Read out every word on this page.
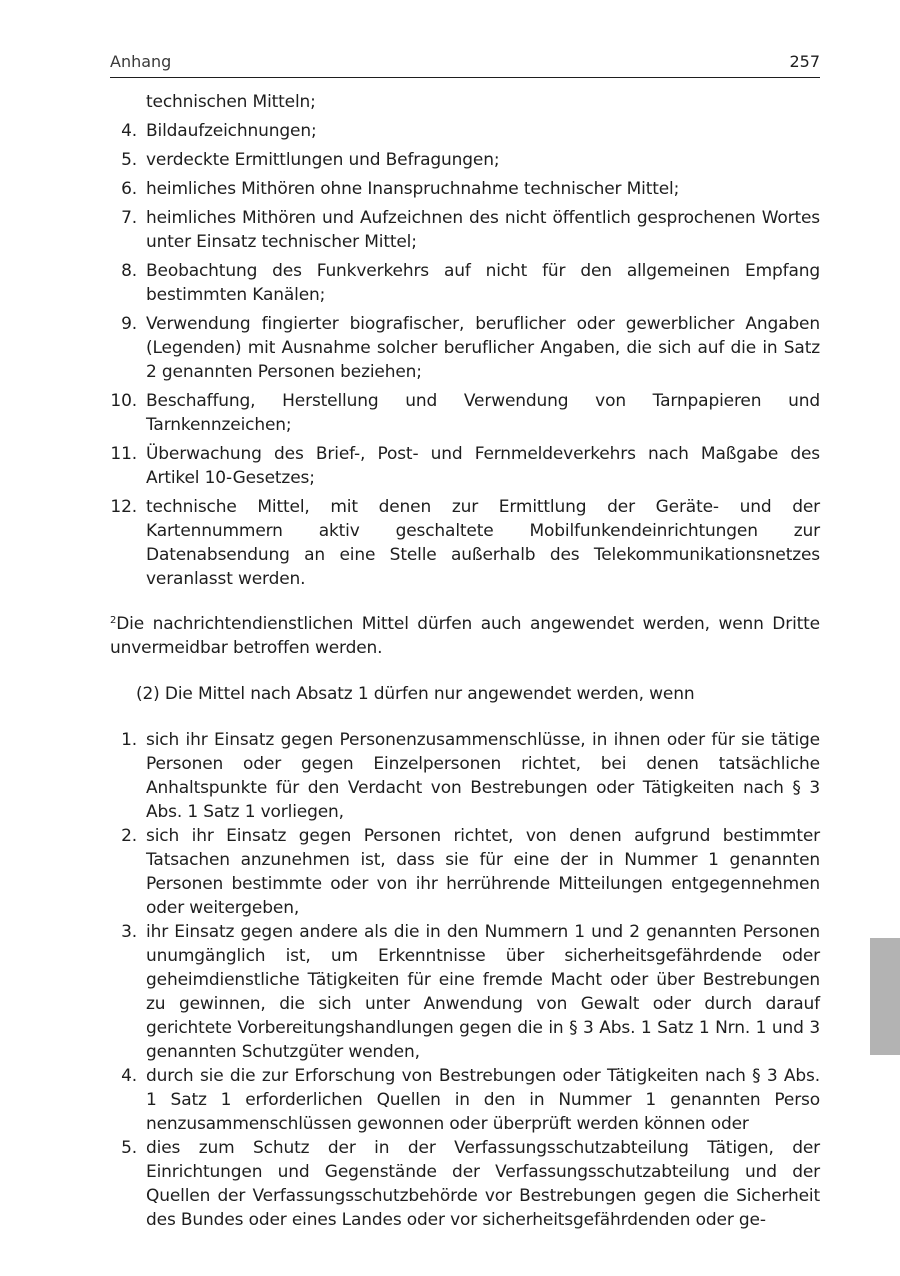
Anhang	257
technischen Mitteln;
4. Bildaufzeichnungen;
5. verdeckte Ermittlungen und Befragungen;
6. heimliches Mithören ohne Inanspruchnahme technischer Mittel;
7. heimliches Mithören und Aufzeichnen des nicht öffentlich gesprochenen Wortes unter Einsatz technischer Mittel;
8. Beobachtung des Funkverkehrs auf nicht für den allgemeinen Empfang bestimmten Kanälen;
9. Verwendung fingierter biografischer, beruflicher oder gewerblicher Angaben (Legenden) mit Ausnahme solcher beruflicher Angaben, die sich auf die in Satz 2 genannten Personen beziehen;
10. Beschaffung, Herstellung und Verwendung von Tarnpapieren und Tarnkennzeichen;
11. Überwachung des Brief-, Post- und Fernmeldeverkehrs nach Maßgabe des Artikel 10-Gesetzes;
12. technische Mittel, mit denen zur Ermittlung der Geräte- und der Kartennummern aktiv geschaltete Mobilfunkendeinrichtungen zur Datenabsendung an eine Stelle außerhalb des Telekommunikationsnetzes veranlasst werden.

$^2$Die nachrichtendienstlichen Mittel dürfen auch angewendet werden, wenn Dritte unvermeidbar betroffen werden.

(2) Die Mittel nach Absatz 1 dürfen nur angewendet werden, wenn

1. sich ihr Einsatz gegen Personenzusammenschlüsse, in ihnen oder für sie tätige Personen oder gegen Einzelpersonen richtet, bei denen tatsächliche Anhaltspunkte für den Verdacht von Bestrebungen oder Tätigkeiten nach § 3 Abs. 1 Satz 1 vorliegen,
2. sich ihr Einsatz gegen Personen richtet, von denen aufgrund bestimmter Tatsachen anzunehmen ist, dass sie für eine der in Nummer 1 genannten Personen bestimmte oder von ihr herrührende Mitteilungen entgegennehmen oder weitergeben,
3. ihr Einsatz gegen andere als die in den Nummern 1 und 2 genannten Personen unumgänglich ist, um Erkenntnisse über sicherheitsgefährdende oder geheimdienstliche Tätigkeiten für eine fremde Macht oder über Bestrebungen zu gewinnen, die sich unter Anwendung von Gewalt oder durch darauf gerichtete Vorbereitungshandlungen gegen die in § 3 Abs. 1 Satz 1 Nrn. 1 und 3 genannten Schutzgüter wenden,
4. durch sie die zur Erforschung von Bestrebungen oder Tätigkeiten nach § 3 Abs. 1 Satz 1 erforderlichen Quellen in den in Nummer 1 genannten Perso nenzusammenschlüssen gewonnen oder überprüft werden können oder
5. dies zum Schutz der in der Verfassungsschutzabteilung Tätigen, der Einrichtungen und Gegenstände der Verfassungsschutzabteilung und der Quellen der Verfassungsschutzbehörde vor Bestrebungen gegen die Sicherheit des Bundes oder eines Landes oder vor sicherheitsgefährdenden oder ge-
